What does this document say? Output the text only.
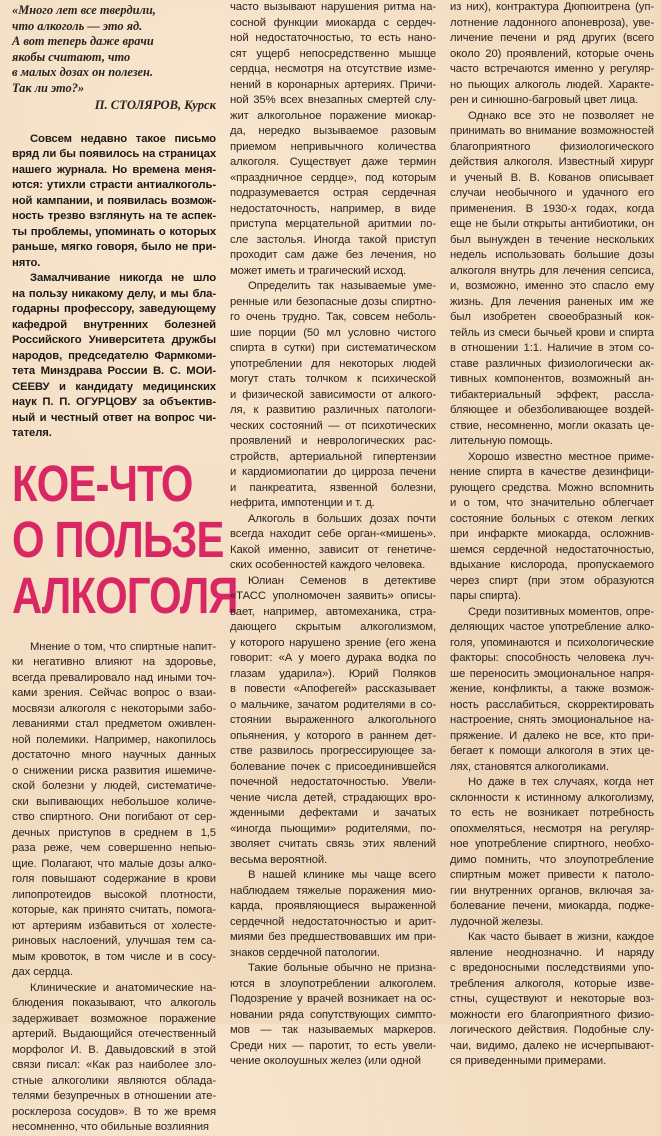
«Много лет все твердили,
что алкоголь — это яд.
А вот теперь даже врачи
якобы считают, что
в малых дозах он полезен.
Так ли это?»
П. СТОЛЯРОВ, Курск
Совсем недавно такое письмо
вряд ли бы появилось на страницах
нашего журнала. Но времена меня-
ются: утихли страсти антиалкоголь-
ной кампании, и появилась возмож-
ность трезво взглянуть на те аспек-
ты проблемы, упоминать о которых
раньше, мягко говоря, было не при-
нято.
Замалчивание никогда не шло
на пользу никакому делу, и мы бла-
годарны профессору, заведующему
кафедрой внутренних болезней
Российского Университета дружбы
народов, председателю Фармкоми-
тета Минздрава России В. С. МОИ-
СЕЕВУ и кандидату медицинских
наук П. П. ОГУРЦОВУ за объектив-
ный и честный ответ на вопрос чи-
тателя.
КОЕ-ЧТО
О ПОЛЬЗЕ
АЛКОГОЛЯ
Мнение о том, что спиртные напит-
ки негативно влияют на здоровье,
всегда превалировало над иными точ-
ками зрения. Сейчас вопрос о взаи-
мосвязи алкоголя с некоторыми забо-
леваниями стал предметом оживлен-
ной полемики. Например, накопилось
достаточно много научных данных
о снижении риска развития ишемиче-
ской болезни у людей, систематиче-
ски выпивающих небольшое количе-
ство спиртного. Они погибают от сер-
дечных приступов в среднем в 1,5
раза реже, чем совершенно непью-
щие. Полагают, что малые дозы алко-
голя повышают содержание в крови
липопротеидов высокой плотности,
которые, как принято считать, помога-
ют артериям избавиться от холесте-
риновых наслоений, улучшая тем са-
мым кровоток, в том числе и в сосу-
дах сердца.
Клинические и анатомические на-
блюдения показывают, что алкоголь
задерживает возможное поражение
артерий. Выдающийся отечественный
морфолог И. В. Давыдовский в этой
связи писал: «Как раз наиболее зло-
стные алкоголики являются облада-
телями безупречных в отношении ате-
росклероза сосудов». В то же время
несомненно, что обильные возлияния
часто вызывают нарушения ритма на-
сосной функции миокарда с сердеч-
ной недостаточностью, то есть нано-
сят ущерб непосредственно мышце
сердца, несмотря на отсутствие изме-
нений в коронарных артериях. Причи-
ной 35% всех внезапных смертей слу-
жит алкогольное поражение миокар-
да, нередко вызываемое разовым
приемом непривычного количества
алкоголя. Существует даже термин
«праздничное сердце», под которым
подразумевается острая сердечная
недостаточность, например, в виде
приступа мерцательной аритмии по-
сле застолья. Иногда такой приступ
проходит сам даже без лечения, но
может иметь и трагический исход.
Определить так называемые уме-
ренные или безопасные дозы спиртно-
го очень трудно. Так, совсем неболь-
шие порции (50 мл условно чистого
спирта в сутки) при систематическом
употреблении для некоторых людей
могут стать толчком к психической
и физической зависимости от алкого-
ля, к развитию различных патологи-
ческих состояний — от психотических
проявлений и неврологических рас-
стройств, артериальной гипертензии
и кардиомиопатии до цирроза печени
и панкреатита, язвенной болезни,
нефрита, импотенции и т. д.
Алкоголь в больших дозах почти
всегда находит себе орган-«мишень».
Какой именно, зависит от генетиче-
ских особенностей каждого человека.
Юлиан Семенов в детективе
«ТАСС уполномочен заявить» описы-
вает, например, автомеханика, стра-
дающего скрытым алкоголизмом,
у которого нарушено зрение (его жена
говорит: «А у моего дурака водка по
глазам ударила»). Юрий Поляков
в повести «Апофегей» рассказывает
о мальчике, зачатом родителями в со-
стоянии выраженного алкогольного
опьянения, у которого в раннем дет-
стве развилось прогрессирующее за-
болевание почек с присоединившейся
почечной недостаточностью. Увели-
чение числа детей, страдающих вро-
жденными дефектами и зачатых
«иногда пьющими» родителями, по-
зволяет считать связь этих явлений
весьма вероятной.
В нашей клинике мы чаще всего
наблюдаем тяжелые поражения мио-
карда, проявляющиеся выраженной
сердечной недостаточностью и арит-
миями без предшествовавших им при-
знаков сердечной патологии.
Такие больные обычно не призна-
ются в злоупотреблении алкоголем.
Подозрение у врачей возникает на ос-
новании ряда сопутствующих симпто-
мов — так называемых маркеров.
Среди них — паротит, то есть увели-
чение околоушных желез (или одной
из них), контрактура Дюпюитрена (уп-
лотнение ладонного апоневроза), уве-
личение печени и ряд других (всего
около 20) проявлений, которые очень
часто встречаются именно у регуляр-
но пьющих алкоголь людей. Характе-
рен и синюшно-багровый цвет лица.
Однако все это не позволяет не
принимать во внимание возможностей
благоприятного физиологического
действия алкоголя. Известный хирург
и ученый В. В. Кованов описывает
случаи необычного и удачного его
применения. В 1930-х годах, когда
еще не были открыты антибиотики, он
был вынужден в течение нескольких
недель использовать большие дозы
алкоголя внутрь для лечения сепсиса,
и, возможно, именно это спасло ему
жизнь. Для лечения раненых им же
был изобретен своеобразный кок-
тейль из смеси бычьей крови и спирта
в отношении 1:1. Наличие в этом со-
ставе различных физиологически ак-
тивных компонентов, возможный ан-
тибактериальный эффект, рассла-
бляющее и обезболивающее воздей-
ствие, несомненно, могли оказать це-
лительную помощь.
Хорошо известно местное приме-
нение спирта в качестве дезинфици-
рующего средства. Можно вспомнить
и о том, что значительно облегчает
состояние больных с отеком легких
при инфаркте миокарда, осложнив-
шемся сердечной недостаточностью,
вдыхание кислорода, пропускаемого
через спирт (при этом образуются
пары спирта).
Среди позитивных моментов, опре-
деляющих частое употребление алко-
голя, упоминаются и психологические
факторы: способность человека луч-
ше переносить эмоциональное напря-
жение, конфликты, а также возмож-
ность расслабиться, скорректировать
настроение, снять эмоциональное на-
пряжение. И далеко не все, кто при-
бегает к помощи алкоголя в этих це-
лях, становятся алкоголиками.
Но даже в тех случаях, когда нет
склонности к истинному алкоголизму,
то есть не возникает потребность
опохмеляться, несмотря на регуляр-
ное употребление спиртного, необхо-
димо помнить, что злоупотребление
спиртным может привести к патоло-
гии внутренних органов, включая за-
болевание печени, миокарда, подже-
лудочной железы.
Как часто бывает в жизни, каждое
явление неоднозначно. И наряду
с вредоносными последствиями упо-
требления алкоголя, которые изве-
стны, существуют и некоторые воз-
можности его благоприятного физио-
логического действия. Подобные слу-
чаи, видимо, далеко не исчерпывают-
ся приведенными примерами.
